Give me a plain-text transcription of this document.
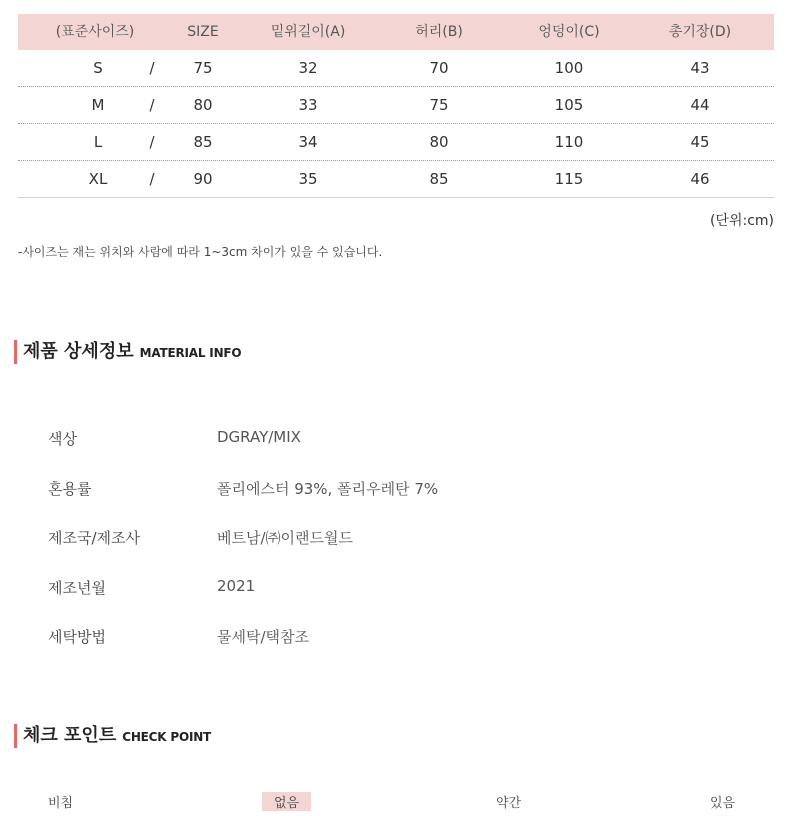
(표준사이즈)	SIZE	밑위길이(A)	허리(B)	엉덩이(C)	총기장(D)
S	/	75	32	70	100	43
M	/	80	33	75	105	44
L	/	85	34	80	110	45
XL	/	90	35	85	115	46
(단위:cm)
-사이즈는 재는 위치와 사람에 따라 1~3cm 차이가 있을 수 있습니다.
제품 상세정보 MATERIAL INFO
색상	DGRAY/MIX
혼용률	폴리에스터 93%, 폴리우레탄 7%
제조국/제조사	베트남/㈜이랜드월드
제조년월	2021
세탁방법	물세탁/택참조
체크 포인트 CHECK POINT
비침	없음	약간	있음
